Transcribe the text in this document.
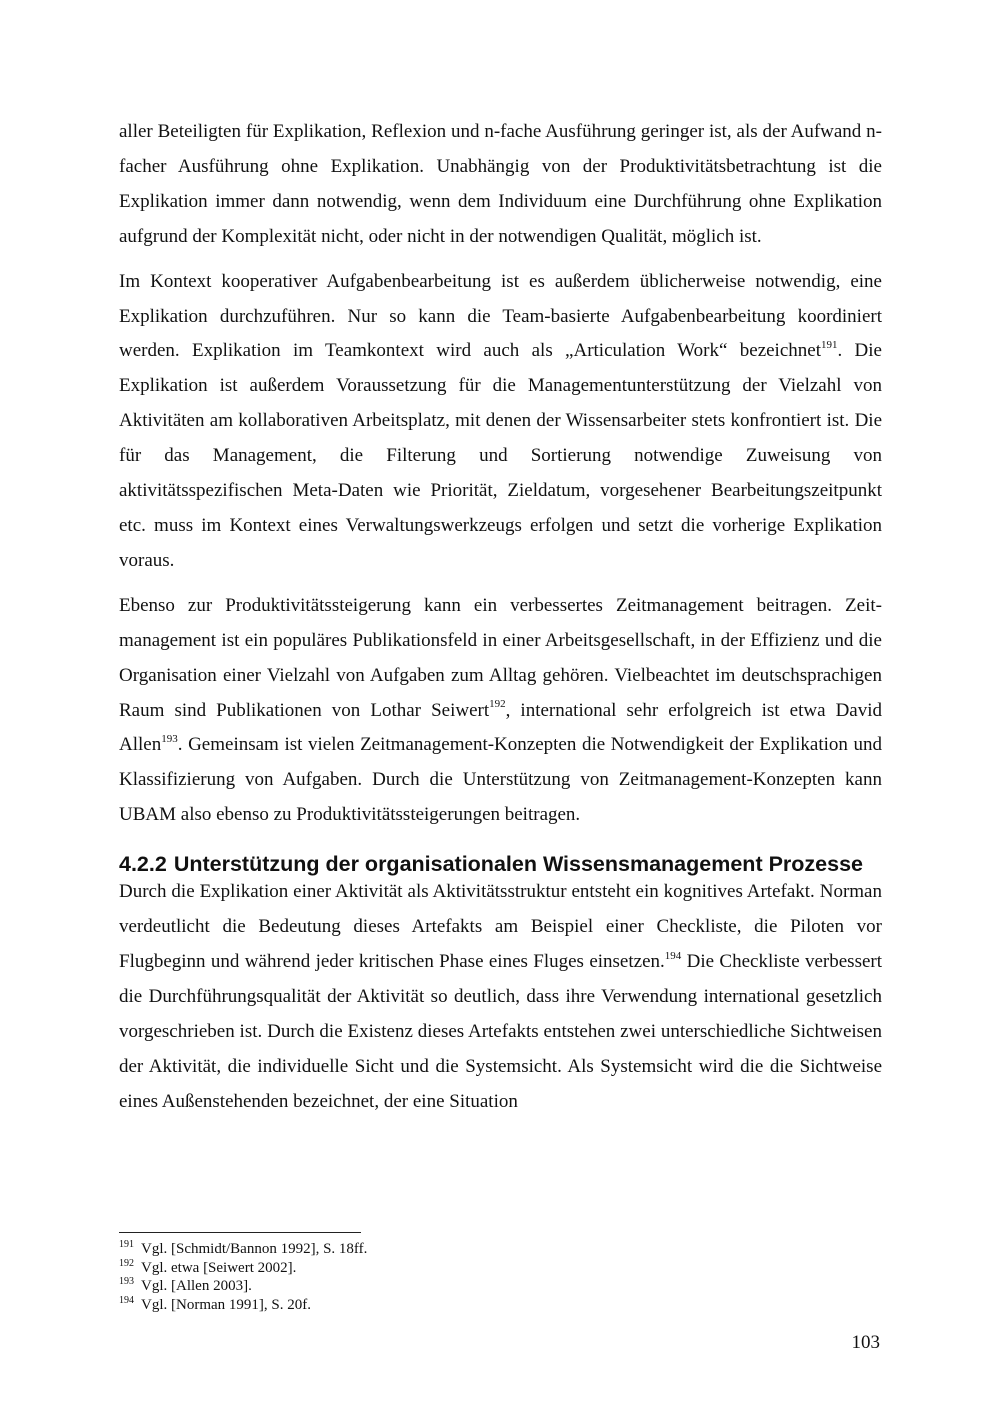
aller Beteiligten für Explikation, Reflexion und n-fache Ausführung geringer ist, als der Aufwand n-facher Ausführung ohne Explikation. Unabhängig von der Produktivitätsbetrachtung ist die Explikation immer dann notwendig, wenn dem Individuum eine Durchführung ohne Explikation aufgrund der Komplexität nicht, oder nicht in der notwendigen Qualität, möglich ist.

Im Kontext kooperativer Aufgabenbearbeitung ist es außerdem üblicherweise notwendig, eine Explikation durchzuführen. Nur so kann die Team-basierte Aufgabenbearbeitung koordiniert werden. Explikation im Teamkontext wird auch als „Articulation Work“ bezeichnet$^{191}$. Die Explikation ist außerdem Voraussetzung für die Managementunterstützung der Vielzahl von Aktivitäten am kollaborativen Arbeitsplatz, mit denen der Wissensarbeiter stets konfrontiert ist. Die für das Management, die Filterung und Sortierung notwendige Zuweisung von aktivitätsspezifischen Meta-Daten wie Priorität, Zieldatum, vorgesehener Bearbeitungszeitpunkt etc. muss im Kontext eines Verwaltungswerkzeugs erfolgen und setzt die vorherige Explikation voraus.

Ebenso zur Produktivitätssteigerung kann ein verbessertes Zeitmanagement beitragen. Zeitmanagement ist ein populäres Publikationsfeld in einer Arbeitsgesellschaft, in der Effizienz und die Organisation einer Vielzahl von Aufgaben zum Alltag gehören. Vielbeachtet im deutschsprachigen Raum sind Publikationen von Lothar Seiwert$^{192}$, international sehr erfolgreich ist etwa David Allen$^{193}$. Gemeinsam ist vielen Zeitmanagement-Konzepten die Notwendigkeit der Explikation und Klassifizierung von Aufgaben. Durch die Unterstützung von Zeitmanagement-Konzepten kann UBAM also ebenso zu Produktivitätssteigerungen beitragen.

4.2.2 Unterstützung der organisationalen Wissensmanagement Prozesse

Durch die Explikation einer Aktivität als Aktivitätsstruktur entsteht ein kognitives Artefakt. Norman verdeutlicht die Bedeutung dieses Artefakts am Beispiel einer Checkliste, die Piloten vor Flugbeginn und während jeder kritischen Phase eines Fluges einsetzen.$^{194}$ Die Checkliste verbessert die Durchführungsqualität der Aktivität so deutlich, dass ihre Verwendung international gesetzlich vorgeschrieben ist. Durch die Existenz dieses Artefakts entstehen zwei unterschiedliche Sichtweisen der Aktivität, die individuelle Sicht und die Systemsicht. Als Systemsicht wird die die Sichtweise eines Außenstehenden bezeichnet, der eine Situation

$^{191}$ Vgl. [Schmidt/Bannon 1992], S. 18ff.
$^{192}$ Vgl. etwa [Seiwert 2002].
$^{193}$ Vgl. [Allen 2003].
$^{194}$ Vgl. [Norman 1991], S. 20f.
103
